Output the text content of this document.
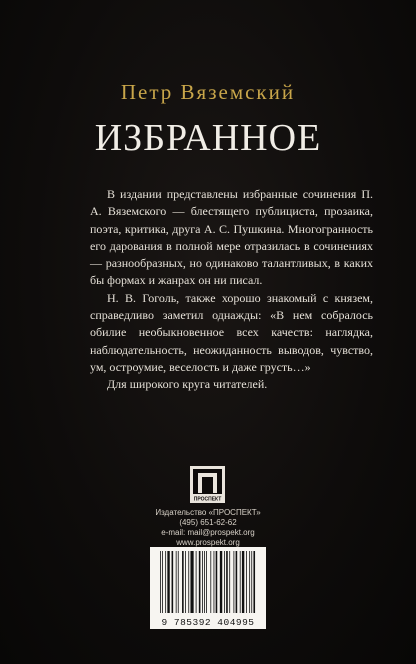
Петр Вяземский
ИЗБРАННОЕ

В издании представлены избранные сочинения П. А. Вяземского — блестящего публициста, прозаика, поэта, критика, друга А. С. Пушкина. Многогранность его дарования в полной мере отразилась в сочинениях — разнообразных, но одинаково талантливых, в каких бы формах и жанрах он ни писал.

Н. В. Гоголь, также хорошо знакомый с князем, справедливо заметил однажды: «В нем собралось обилие необыкновенное всех качеств: наглядка, наблюдательность, неожиданность выводов, чувство, ум, остроумие, веселость и даже грусть…»

Для широкого круга читателей.

ПРОСПЕКТ
Издательство «ПРОСПЕКТ»
(495) 651-62-62
e-mail: mail@prospekt.org
www.prospekt.org
9 785392 404995
